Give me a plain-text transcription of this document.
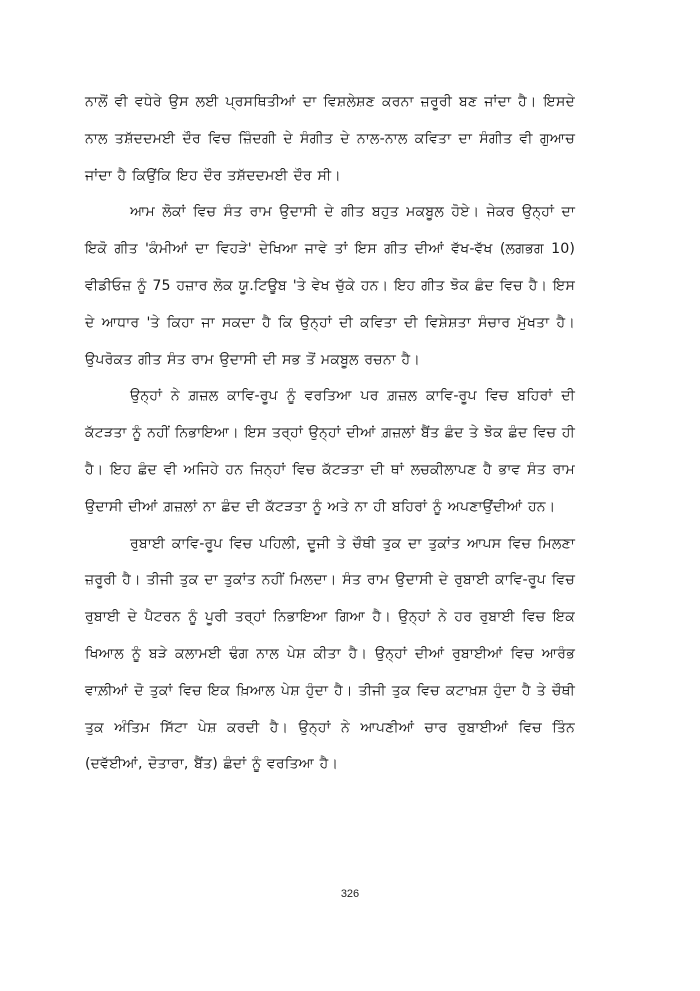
ਨਾਲੋਂ ਵੀ ਵਧੇਰੇ ਉਸ ਲਈ ਪ੍ਰਸਥਿਤੀਆਂ ਦਾ ਵਿਸ਼ਲੇਸ਼ਣ ਕਰਨਾ ਜ਼ਰੂਰੀ ਬਣ ਜਾਂਦਾ ਹੈ। ਇਸਦੇ ਨਾਲ ਤਸ਼ੱਦਦਮਈ ਦੌਰ ਵਿਚ ਜ਼ਿੰਦਗੀ ਦੇ ਸੰਗੀਤ ਦੇ ਨਾਲ-ਨਾਲ ਕਵਿਤਾ ਦਾ ਸੰਗੀਤ ਵੀ ਗੁਆਚ ਜਾਂਦਾ ਹੈ ਕਿਉਂਕਿ ਇਹ ਦੌਰ ਤਸ਼ੱਦਦਮਈ ਦੌਰ ਸੀ।

ਆਮ ਲੋਕਾਂ ਵਿਚ ਸੰਤ ਰਾਮ ਉਦਾਸੀ ਦੇ ਗੀਤ ਬਹੁਤ ਮਕਬੂਲ ਹੋਏ। ਜੇਕਰ ਉਨ੍ਹਾਂ ਦਾ ਇਕੋ ਗੀਤ 'ਕੰਮੀਆਂ ਦਾ ਵਿਹੜੇ' ਦੇਖਿਆ ਜਾਵੇ ਤਾਂ ਇਸ ਗੀਤ ਦੀਆਂ ਵੱਖ-ਵੱਖ (ਲਗਭਗ 10) ਵੀਡੀਓਜ਼ ਨੂੰ 75 ਹਜ਼ਾਰ ਲੋਕ ਯੂ.ਟਿਊਬ 'ਤੇ ਵੇਖ ਚੁੱਕੇ ਹਨ। ਇਹ ਗੀਤ ਝੋਕ ਛੰਦ ਵਿਚ ਹੈ। ਇਸ ਦੇ ਆਧਾਰ 'ਤੇ ਕਿਹਾ ਜਾ ਸਕਦਾ ਹੈ ਕਿ ਉਨ੍ਹਾਂ ਦੀ ਕਵਿਤਾ ਦੀ ਵਿਸ਼ੇਸ਼ਤਾ ਸੰਚਾਰ ਮੁੱਖਤਾ ਹੈ। ਉਪਰੋਕਤ ਗੀਤ ਸੰਤ ਰਾਮ ਉਦਾਸੀ ਦੀ ਸਭ ਤੋਂ ਮਕਬੂਲ ਰਚਨਾ ਹੈ।

ਉਨ੍ਹਾਂ ਨੇ ਗ਼ਜ਼ਲ ਕਾਵਿ-ਰੂਪ ਨੂੰ ਵਰਤਿਆ ਪਰ ਗ਼ਜ਼ਲ ਕਾਵਿ-ਰੂਪ ਵਿਚ ਬਹਿਰਾਂ ਦੀ ਕੱਟੜਤਾ ਨੂੰ ਨਹੀਂ ਨਿਭਾਇਆ। ਇਸ ਤਰ੍ਹਾਂ ਉਨ੍ਹਾਂ ਦੀਆਂ ਗ਼ਜ਼ਲਾਂ ਬੈਂਤ ਛੰਦ ਤੇ ਝੋਕ ਛੰਦ ਵਿਚ ਹੀ ਹੈ। ਇਹ ਛੰਦ ਵੀ ਅਜਿਹੇ ਹਨ ਜਿਨ੍ਹਾਂ ਵਿਚ ਕੱਟੜਤਾ ਦੀ ਥਾਂ ਲਚਕੀਲਾਪਣ ਹੈ ਭਾਵ ਸੰਤ ਰਾਮ ਉਦਾਸੀ ਦੀਆਂ ਗ਼ਜ਼ਲਾਂ ਨਾ ਛੰਦ ਦੀ ਕੱਟੜਤਾ ਨੂੰ ਅਤੇ ਨਾ ਹੀ ਬਹਿਰਾਂ ਨੂੰ ਅਪਣਾਉਂਦੀਆਂ ਹਨ।

ਰੁਬਾਈ ਕਾਵਿ-ਰੂਪ ਵਿਚ ਪਹਿਲੀ, ਦੂਜੀ ਤੇ ਚੌਥੀ ਤੁਕ ਦਾ ਤੁਕਾਂਤ ਆਪਸ ਵਿਚ ਮਿਲਣਾ ਜ਼ਰੂਰੀ ਹੈ। ਤੀਜੀ ਤੁਕ ਦਾ ਤੁਕਾਂਤ ਨਹੀਂ ਮਿਲਦਾ। ਸੰਤ ਰਾਮ ਉਦਾਸੀ ਦੇ ਰੁਬਾਈ ਕਾਵਿ-ਰੂਪ ਵਿਚ ਰੁਬਾਈ ਦੇ ਪੈਟਰਨ ਨੂੰ ਪੂਰੀ ਤਰ੍ਹਾਂ ਨਿਭਾਇਆ ਗਿਆ ਹੈ। ਉਨ੍ਹਾਂ ਨੇ ਹਰ ਰੁਬਾਈ ਵਿਚ ਇਕ ਖਿਆਲ ਨੂੰ ਬੜੇ ਕਲਾਮਈ ਢੰਗ ਨਾਲ ਪੇਸ਼ ਕੀਤਾ ਹੈ। ਉਨ੍ਹਾਂ ਦੀਆਂ ਰੁਬਾਈਆਂ ਵਿਚ ਆਰੰਭ ਵਾਲ਼ੀਆਂ ਦੋ ਤੁਕਾਂ ਵਿਚ ਇਕ ਖ਼ਿਆਲ ਪੇਸ਼ ਹੁੰਦਾ ਹੈ। ਤੀਜੀ ਤੁਕ ਵਿਚ ਕਟਾਖ਼ਸ਼ ਹੁੰਦਾ ਹੈ ਤੇ ਚੌਥੀ ਤੁਕ ਅੰਤਿਮ ਸਿੱਟਾ ਪੇਸ਼ ਕਰਦੀ ਹੈ। ਉਨ੍ਹਾਂ ਨੇ ਆਪਣੀਆਂ ਚਾਰ ਰੁਬਾਈਆਂ ਵਿਚ ਤਿੰਨ (ਦਵੱਈਆਂ, ਦੋਤਾਰਾ, ਬੈਂਤ) ਛੰਦਾਂ ਨੂੰ ਵਰਤਿਆ ਹੈ।

326
